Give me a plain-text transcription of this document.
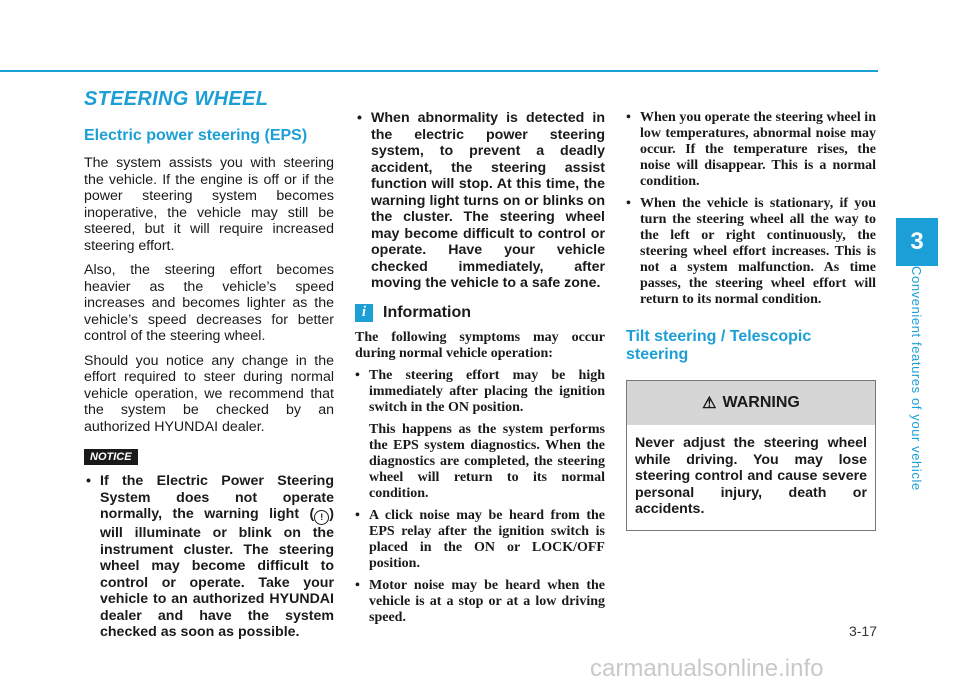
3
Convenient features of your vehicle
STEERING WHEEL
Electric power steering (EPS)

The system assists you with steering the vehicle. If the engine is off or if the power steering system becomes inoperative, the vehicle may still be steered, but it will require increased steering effort.

Also, the steering effort becomes heavier as the vehicle’s speed increases and becomes lighter as the vehicle’s speed decreases for better control of the steering wheel.

Should you notice any change in the effort required to steer during normal vehicle operation, we recommend that the system be checked by an authorized HYUNDAI dealer.

NOTICE
• If the Electric Power Steering System does not operate normally, the warning light ( ! ) will illuminate or blink on the instrument cluster. The steering wheel may become difficult to control or operate. Take your vehicle to an authorized HYUNDAI dealer and have the system checked as soon as possible.
• When abnormality is detected in the electric power steering system, to prevent a deadly accident, the steering assist function will stop. At this time, the warning light turns on or blinks on the cluster. The steering wheel may become difficult to control or operate. Have your vehicle checked immediately, after moving the vehicle to a safe zone.
i	Information

The following symptoms may occur during normal vehicle operation:

• The steering effort may be high immediately after placing the ignition switch in the ON position.
This happens as the system performs the EPS system diagnostics. When the diagnostics are completed, the steering wheel will return to its normal condition.
• A click noise may be heard from the EPS relay after the ignition switch is placed in the ON or LOCK/OFF position.
• Motor noise may be heard when the vehicle is at a stop or at a low driving speed.
• When you operate the steering wheel in low temperatures, abnormal noise may occur. If the temperature rises, the noise will disappear. This is a normal condition.
• When the vehicle is stationary, if you turn the steering wheel all the way to the left or right continuously, the steering wheel effort increases. This is not a system malfunction. As time passes, the steering wheel effort will return to its normal condition.
Tilt steering / Telescopic steering
⚠ WARNING
Never adjust the steering wheel while driving. You may lose steering control and cause severe personal injury, death or accidents.
3-17
carmanualsonline.info
